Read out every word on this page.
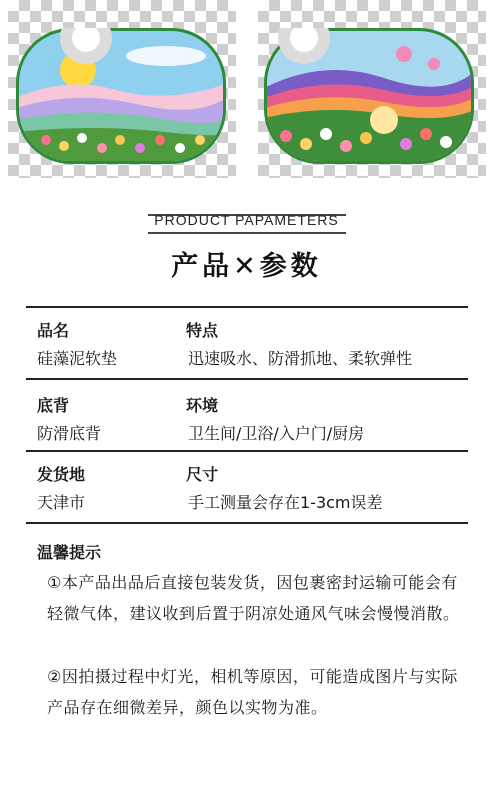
PRODUCT PAPAMETERS
产品✕参数
品名
硅藻泥软垫
特点
迅速吸水、防滑抓地、柔软弹性
底背
防滑底背
环境
卫生间/卫浴/入户门/厨房
发货地
天津市
尺寸
手工测量会存在1-3cm误差
温馨提示
①本产品出品后直接包装发货，因包裹密封运输可能会有轻微气体，建议收到后置于阴凉处通风气味会慢慢消散。
②因拍摄过程中灯光，相机等原因，可能造成图片与实际产品存在细微差异，颜色以实物为准。
